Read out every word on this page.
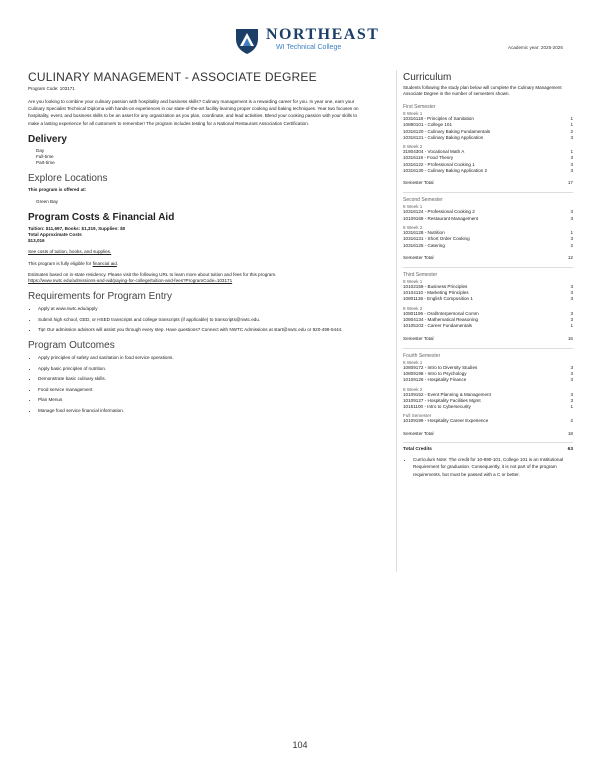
NORTHEAST
WI Technical College	Academic year: 2025-2026
CULINARY MANAGEMENT - ASSOCIATE DEGREE
Program Code: 103171
Are you looking to combine your culinary passion with hospitality and business skills? Culinary management is a rewarding career for you. In year one, earn your Culinary Specialist Technical Diploma with hands-on experiences in our state-of-the-art facility learning proper cooking and baking techniques. Year two focuses on hospitality, event, and business skills to be an asset for any organization as you plan, coordinate, and lead activities. Blend your cooking passion with your skills to make a lasting experience for all customers to remember! The program includes testing for a National Restaurant Association Certification.
Delivery
Day
Full-time
Part-time
Explore Locations
This program is offered at:
Green Bay
Program Costs & Financial Aid
Tuition: $11,697, Books: $1,319, Supplies: $0
Total Approximate Costs
$13,016
See costs of tuition, books, and supplies.
This program is fully eligible for financial aid.
Estimates based on in-state residency. Please visit the following URL to learn more about tuition and fees for this program.
https://www.nwtc.edu/admissions-and-aid/paying-for-college/tuition-and-fees?ProgramCode=103171
Requirements for Program Entry
• Apply at www.nwtc.edu/apply
• Submit high school, GED, or HSED transcripts and college transcripts (if applicable) to transcripts@nwtc.edu.
• Tip! Our admission advisors will assist you through every step. Have questions? Connect with NWTC Admissions at start@nwtc.edu or 920-498-5444.
Program Outcomes
• Apply principles of safety and sanitation in food service operations.
• Apply basic principles of nutrition.
• Demonstrate basic culinary skills.
• Food service management
• Plan Menus
• Manage food service financial information.
Curriculum
Students following the study plan below will complete the Culinary Management Associate Degree in the number of semesters shown.
First Semester
8 Week 1
10316118 - Principles of Sanitation	1
10890101 - College 101	1
10316120 - Culinary Baking Fundamentals	2
10316121 - Culinary Baking Application	3
8 Week 2
31804304 - Vocational Math A	1
10316119 - Food Theory	3
10316122 - Professional Cooking 1	3
10316130 - Culinary Baking Application 2	3
Semester Total	17
Second Semester
8 Week 1
10316124 - Professional Cooking 2	3
10109168 - Restaurant Management	3
8 Week 2
10316128 - Nutrition	1
10316131 - Short Order Cooking	3
10316125 - Catering	2
Semester Total	12
Third Semester
8 Week 1
10102159 - Business Principles	3
10104110 - Marketing Principles	3
10801136 - English Composition 1	3
8 Week 2
10801196 - Oral/Interpersonal Comm	3
10804134 - Mathematical Reasoning	3
10105103 - Career Fundamentals	1
Semester Total	16
Fourth Semester
8 Week 1
10809172 - Intro to Diversity Studies	3
10809198 - Intro to Psychology	3
10109126 - Hospitality Finance	3
8 Week 2
10109152 - Event Planning & Management	3
10109127 - Hospitality Facilities Mgmt	3
10151100 - Intro to Cybersecurity	1
Full Semester
10109199 - Hospitality Career Experience	2
Semester Total	18
Total Credits	63
• Curriculum Note: The credit for 10-890-101, College 101 is an Institutional Requirement for graduation. Consequently, it is not part of the program requirements, but must be passed with a C or better.
104
